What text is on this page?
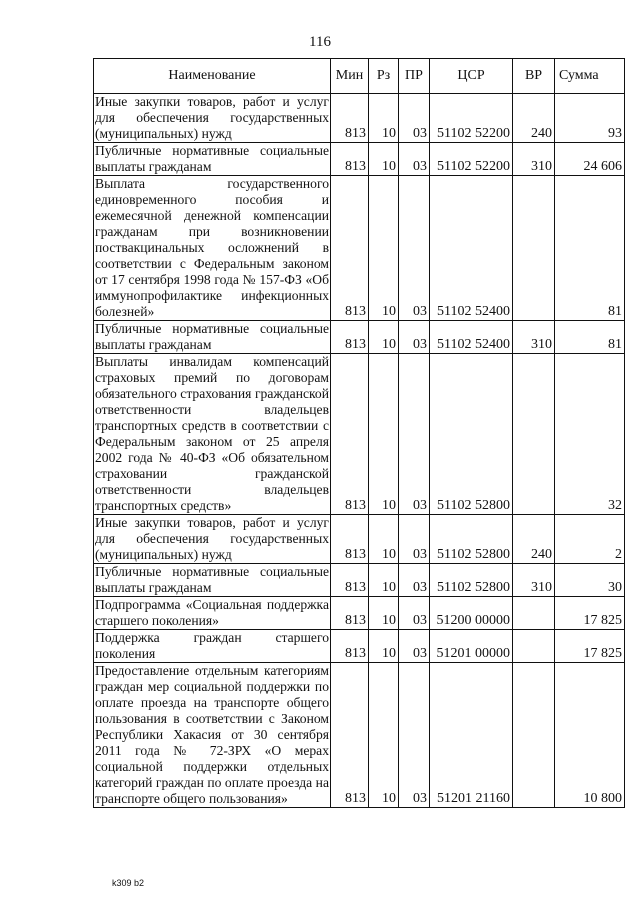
116
Наименование	Мин	Рз	ПР	ЦСР	ВР	Сумма
Иные закупки товаров, работ и услуг для обеспечения государственных (муниципальных) нужд	813	10	03	51102 52200	240	93
Публичные нормативные социальные выплаты гражданам	813	10	03	51102 52200	310	24 606
Выплата государственного единовременного пособия и ежемесячной денежной компенсации гражданам при возникновении поствакцинальных осложнений в соответствии с Федеральным законом от 17 сентября 1998 года № 157-ФЗ «Об иммунопрофилактике инфекционных болезней»	813	10	03	51102 52400		81
Публичные нормативные социальные выплаты гражданам	813	10	03	51102 52400	310	81
Выплаты инвалидам компенсаций страховых премий по договорам обязательного страхования гражданской ответственности владельцев транспортных средств в соответствии с Федеральным законом от 25 апреля 2002 года № 40-ФЗ «Об обязательном страховании гражданской ответственности владельцев транспортных средств»	813	10	03	51102 52800		32
Иные закупки товаров, работ и услуг для обеспечения государственных (муниципальных) нужд	813	10	03	51102 52800	240	2
Публичные нормативные социальные выплаты гражданам	813	10	03	51102 52800	310	30
Подпрограмма «Социальная поддержка старшего поколения»	813	10	03	51200 00000		17 825
Поддержка граждан старшего поколения	813	10	03	51201 00000		17 825
Предоставление отдельным категориям граждан мер социальной поддержки по оплате проезда на транспорте общего пользования в соответствии с Законом Республики Хакасия от 30 сентября 2011 года № 72-ЗРХ «О мерах социальной поддержки отдельных категорий граждан по оплате проезда на транспорте общего пользования»	813	10	03	51201 21160		10 800
k309 b2
